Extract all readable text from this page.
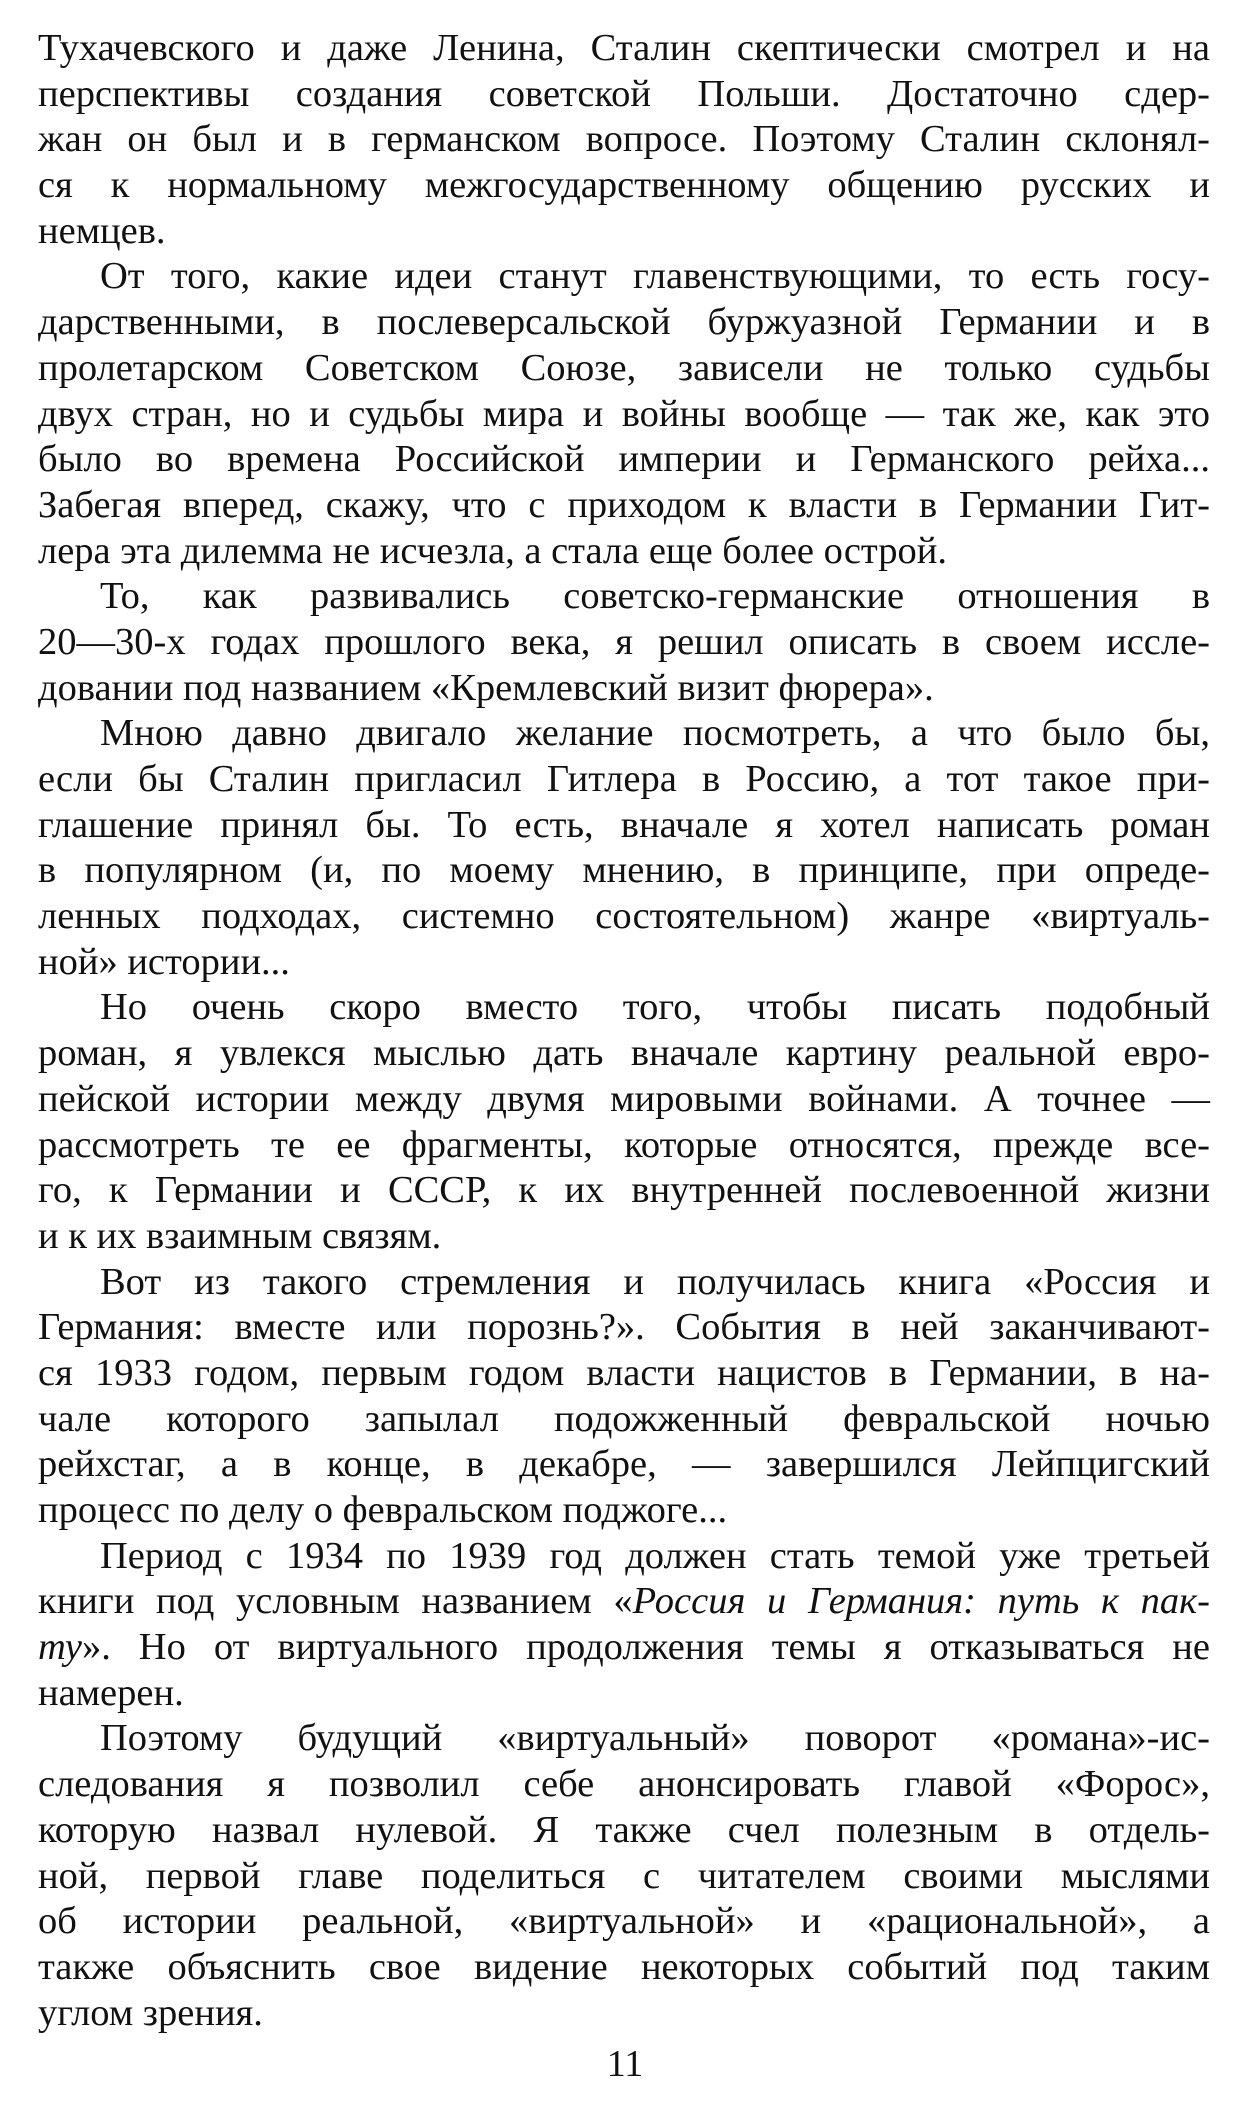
Тухачевского и даже Ленина, Сталин скептически смотрел и на
перспективы создания советской Польши. Достаточно сдер-
жан он был и в германском вопросе. Поэтому Сталин склонял-
ся к нормальному межгосударственному общению русских и
немцев.
От того, какие идеи станут главенствующими, то есть госу-
дарственными, в послеверсальской буржуазной Германии и в
пролетарском Советском Союзе, зависели не только судьбы
двух стран, но и судьбы мира и войны вообще — так же, как это
было во времена Российской империи и Германского рейха...
Забегая вперед, скажу, что с приходом к власти в Германии Гит-
лера эта дилемма не исчезла, а стала еще более острой.
То, как развивались советско-германские отношения в
20—30-х годах прошлого века, я решил описать в своем иссле-
довании под названием «Кремлевский визит фюрера».
Мною давно двигало желание посмотреть, а что было бы,
если бы Сталин пригласил Гитлера в Россию, а тот такое при-
глашение принял бы. То есть, вначале я хотел написать роман
в популярном (и, по моему мнению, в принципе, при опреде-
ленных подходах, системно состоятельном) жанре «виртуаль-
ной» истории...
Но очень скоро вместо того, чтобы писать подобный
роман, я увлекся мыслью дать вначале картину реальной евро-
пейской истории между двумя мировыми войнами. А точнее —
рассмотреть те ее фрагменты, которые относятся, прежде все-
го, к Германии и СССР, к их внутренней послевоенной жизни
и к их взаимным связям.
Вот из такого стремления и получилась книга «Россия и
Германия: вместе или порознь?». События в ней заканчивают-
ся 1933 годом, первым годом власти нацистов в Германии, в на-
чале которого запылал подожженный февральской ночью
рейхстаг, а в конце, в декабре, — завершился Лейпцигский
процесс по делу о февральском поджоге...
Период с 1934 по 1939 год должен стать темой уже третьей
книги под условным названием «Россия и Германия: путь к пак-
ту». Но от виртуального продолжения темы я отказываться не
намерен.
Поэтому будущий «виртуальный» поворот «романа»-ис-
следования я позволил себе анонсировать главой «Форос»,
которую назвал нулевой. Я также счел полезным в отдель-
ной, первой главе поделиться с читателем своими мыслями
об истории реальной, «виртуальной» и «рациональной», а
также объяснить свое видение некоторых событий под таким
углом зрения.
11
